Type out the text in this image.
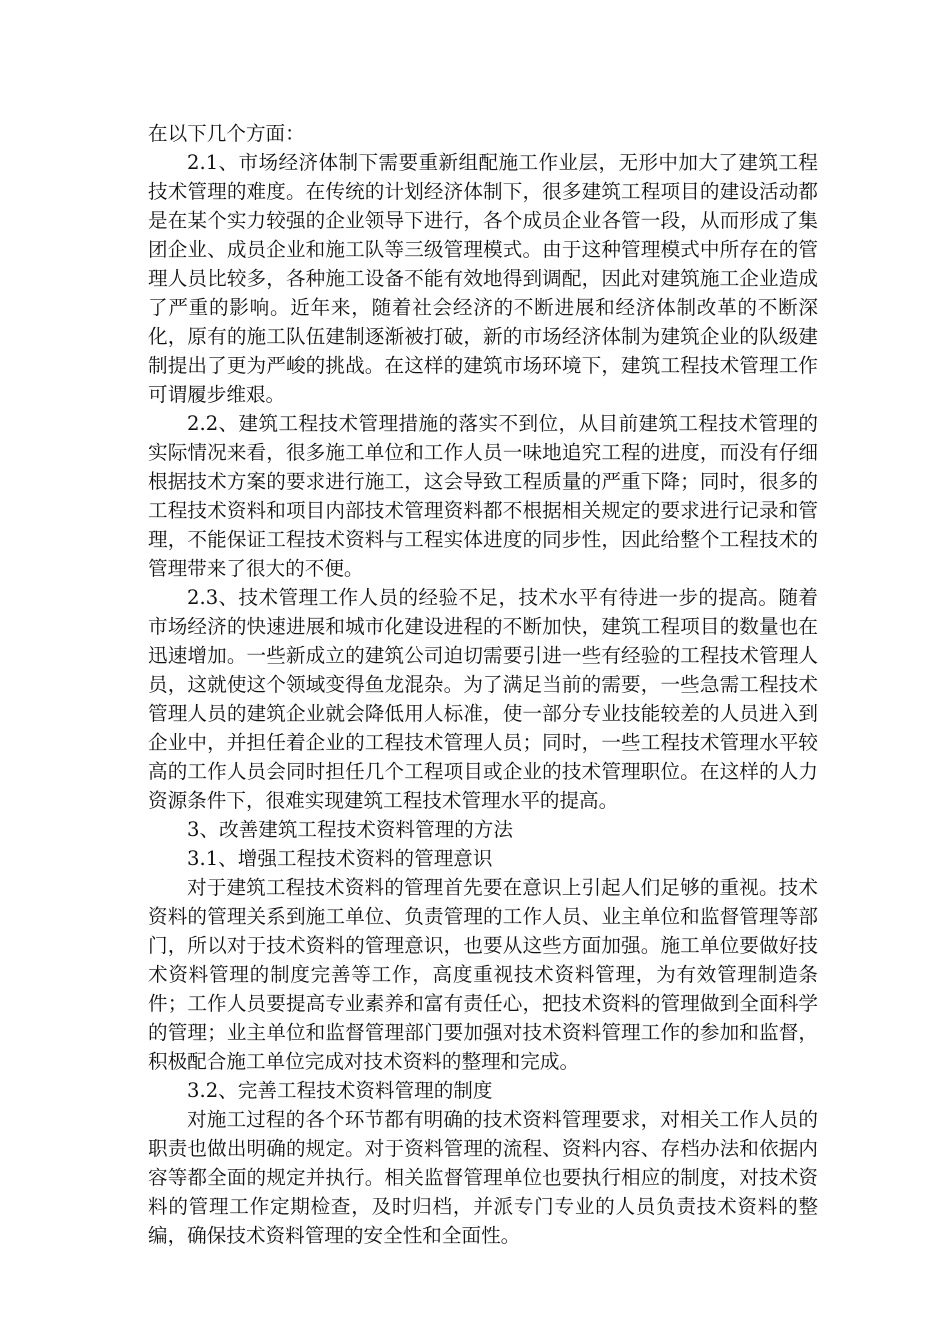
在以下几个方面：

2.1、市场经济体制下需要重新组配施工作业层，无形中加大了建筑工程技术管理的难度。在传统的计划经济体制下，很多建筑工程项目的建设活动都是在某个实力较强的企业领导下进行，各个成员企业各管一段，从而形成了集团企业、成员企业和施工队等三级管理模式。由于这种管理模式中所存在的管理人员比较多，各种施工设备不能有效地得到调配，因此对建筑施工企业造成了严重的影响。近年来，随着社会经济的不断进展和经济体制改革的不断深化，原有的施工队伍建制逐渐被打破，新的市场经济体制为建筑企业的队级建制提出了更为严峻的挑战。在这样的建筑市场环境下，建筑工程技术管理工作可谓履步维艰。

2.2、建筑工程技术管理措施的落实不到位，从目前建筑工程技术管理的实际情况来看，很多施工单位和工作人员一味地追究工程的进度，而没有仔细根据技术方案的要求进行施工，这会导致工程质量的严重下降；同时，很多的工程技术资料和项目内部技术管理资料都不根据相关规定的要求进行记录和管理，不能保证工程技术资料与工程实体进度的同步性，因此给整个工程技术的管理带来了很大的不便。

2.3、技术管理工作人员的经验不足，技术水平有待进一步的提高。随着市场经济的快速进展和城市化建设进程的不断加快，建筑工程项目的数量也在迅速增加。一些新成立的建筑公司迫切需要引进一些有经验的工程技术管理人员，这就使这个领域变得鱼龙混杂。为了满足当前的需要，一些急需工程技术管理人员的建筑企业就会降低用人标准，使一部分专业技能较差的人员进入到企业中，并担任着企业的工程技术管理人员；同时，一些工程技术管理水平较高的工作人员会同时担任几个工程项目或企业的技术管理职位。在这样的人力资源条件下，很难实现建筑工程技术管理水平的提高。

3、改善建筑工程技术资料管理的方法

3.1、增强工程技术资料的管理意识

对于建筑工程技术资料的管理首先要在意识上引起人们足够的重视。技术资料的管理关系到施工单位、负责管理的工作人员、业主单位和监督管理等部门，所以对于技术资料的管理意识，也要从这些方面加强。施工单位要做好技术资料管理的制度完善等工作，高度重视技术资料管理，为有效管理制造条件；工作人员要提高专业素养和富有责任心，把技术资料的管理做到全面科学的管理；业主单位和监督管理部门要加强对技术资料管理工作的参加和监督，积极配合施工单位完成对技术资料的整理和完成。

3.2、完善工程技术资料管理的制度

对施工过程的各个环节都有明确的技术资料管理要求，对相关工作人员的职责也做出明确的规定。对于资料管理的流程、资料内容、存档办法和依据内容等都全面的规定并执行。相关监督管理单位也要执行相应的制度，对技术资料的管理工作定期检查，及时归档，并派专门专业的人员负责技术资料的整编，确保技术资料管理的安全性和全面性。
